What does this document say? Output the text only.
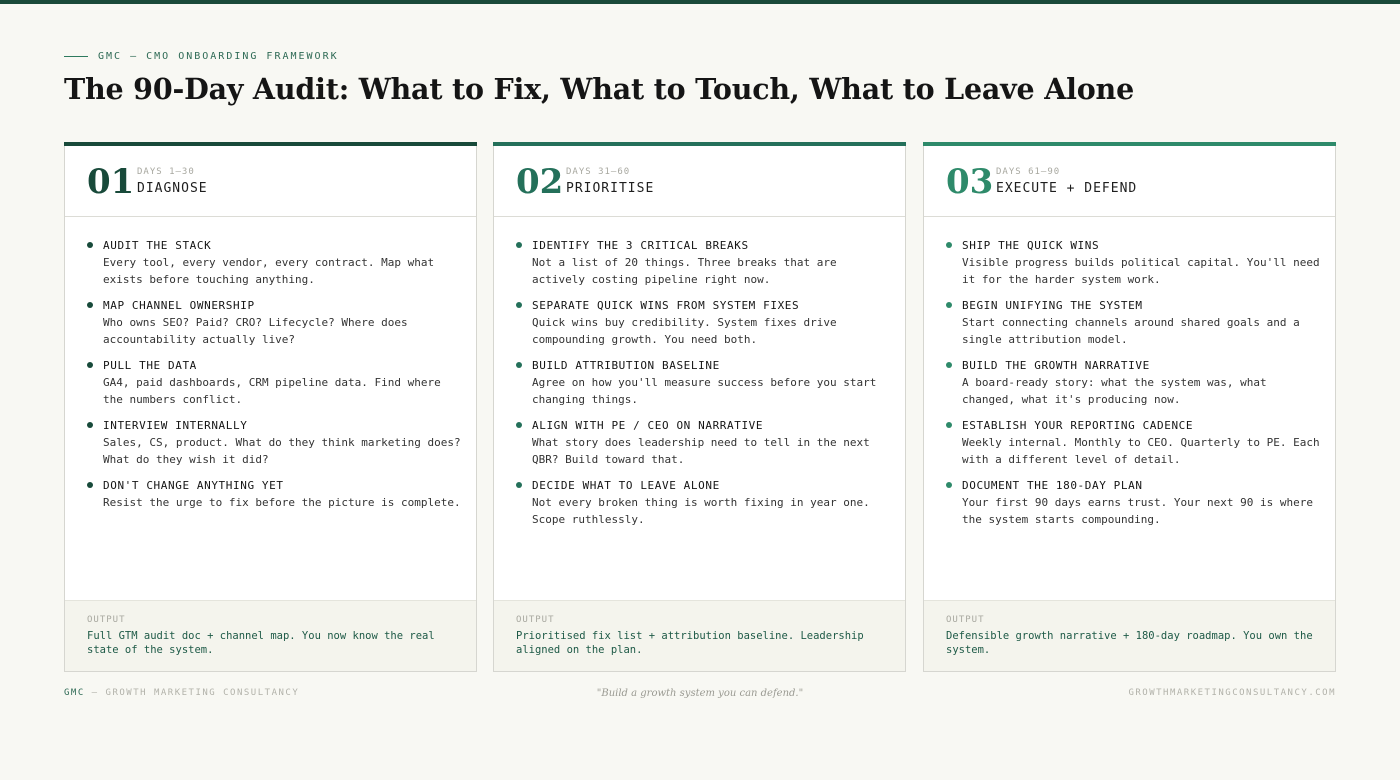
GMC — CMO ONBOARDING FRAMEWORK
The 90-Day Audit: What to Fix, What to Touch, What to Leave Alone
01 DAYS 1–30
DIAGNOSE
AUDIT THE STACK
Every tool, every vendor, every contract. Map what exists before touching anything.
MAP CHANNEL OWNERSHIP
Who owns SEO? Paid? CRO? Lifecycle? Where does accountability actually live?
PULL THE DATA
GA4, paid dashboards, CRM pipeline data. Find where the numbers conflict.
INTERVIEW INTERNALLY
Sales, CS, product. What do they think marketing does? What do they wish it did?
DON'T CHANGE ANYTHING YET
Resist the urge to fix before the picture is complete.
OUTPUT
Full GTM audit doc + channel map. You now know the real state of the system.
02 DAYS 31–60
PRIORITISE
IDENTIFY THE 3 CRITICAL BREAKS
Not a list of 20 things. Three breaks that are actively costing pipeline right now.
SEPARATE QUICK WINS FROM SYSTEM FIXES
Quick wins buy credibility. System fixes drive compounding growth. You need both.
BUILD ATTRIBUTION BASELINE
Agree on how you'll measure success before you start changing things.
ALIGN WITH PE / CEO ON NARRATIVE
What story does leadership need to tell in the next QBR? Build toward that.
DECIDE WHAT TO LEAVE ALONE
Not every broken thing is worth fixing in year one. Scope ruthlessly.
OUTPUT
Prioritised fix list + attribution baseline. Leadership aligned on the plan.
03 DAYS 61–90
EXECUTE + DEFEND
SHIP THE QUICK WINS
Visible progress builds political capital. You'll need it for the harder system work.
BEGIN UNIFYING THE SYSTEM
Start connecting channels around shared goals and a single attribution model.
BUILD THE GROWTH NARRATIVE
A board-ready story: what the system was, what changed, what it's producing now.
ESTABLISH YOUR REPORTING CADENCE
Weekly internal. Monthly to CEO. Quarterly to PE. Each with a different level of detail.
DOCUMENT THE 180-DAY PLAN
Your first 90 days earns trust. Your next 90 is where the system starts compounding.
OUTPUT
Defensible growth narrative + 180-day roadmap. You own the system.
GMC — GROWTH MARKETING CONSULTANCY	"Build a growth system you can defend."	GROWTHMARKETINGCONSULTANCY.COM
